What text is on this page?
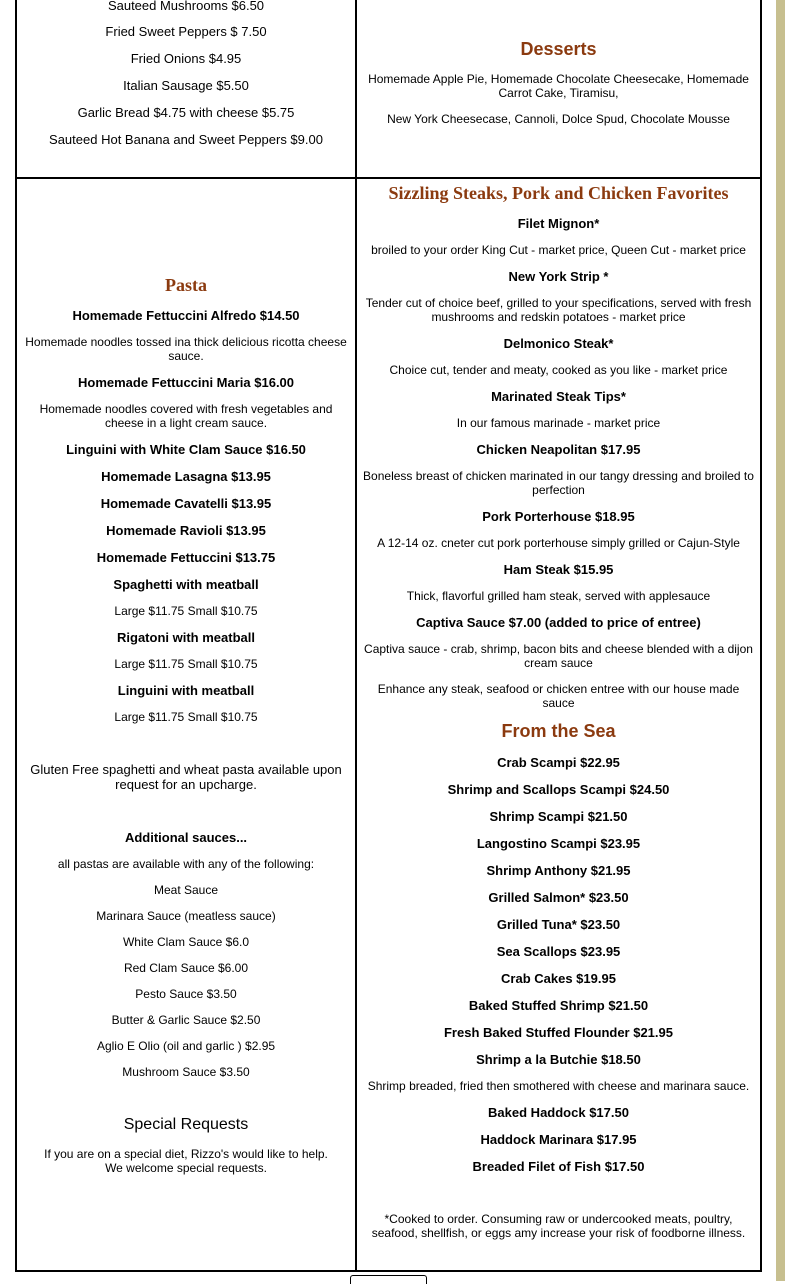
Sauteed Mushrooms $6.50
Fried Sweet Peppers $ 7.50
Fried Onions $4.95
Italian Sausage $5.50
Garlic Bread $4.75 with cheese $5.75
Sauteed Hot Banana and Sweet Peppers $9.00
Desserts
Homemade Apple Pie, Homemade Chocolate Cheesecake, Homemade Carrot Cake, Tiramisu,
New York Cheesecase, Cannoli, Dolce Spud, Chocolate Mousse
Pasta
Homemade Fettuccini Alfredo $14.50
Homemade noodles tossed ina thick delicious ricotta cheese sauce.
Homemade Fettuccini Maria $16.00
Homemade noodles covered with fresh vegetables and cheese in a light cream sauce.
Linguini with White Clam Sauce $16.50
Homemade Lasagna $13.95
Homemade Cavatelli $13.95
Homemade Ravioli $13.95
Homemade Fettuccini $13.75
Spaghetti with meatball
Large $11.75 Small $10.75
Rigatoni with meatball
Large $11.75 Small $10.75
Linguini with meatball
Large $11.75 Small $10.75
Gluten Free spaghetti and wheat pasta available upon request for an upcharge.
Additional sauces...
all pastas are available with any of the following:
Meat Sauce
Marinara Sauce (meatless sauce)
White Clam Sauce $6.0
Red Clam Sauce $6.00
Pesto Sauce $3.50
Butter & Garlic Sauce $2.50
Aglio E Olio (oil and garlic ) $2.95
Mushroom Sauce $3.50
Special Requests
If you are on a special diet, Rizzo's would like to help.
We welcome special requests.
Sizzling Steaks, Pork and Chicken Favorites
Filet Mignon*
broiled to your order King Cut - market price, Queen Cut - market price
New York Strip *
Tender cut of choice beef, grilled to your specifications, served with fresh mushrooms and redskin potatoes - market price
Delmonico Steak*
Choice cut, tender and meaty, cooked as you like - market price
Marinated Steak Tips*
In our famous marinade - market price
Chicken Neapolitan $17.95
Boneless breast of chicken marinated in our tangy dressing and broiled to perfection
Pork Porterhouse $18.95
A 12-14 oz. cneter cut pork porterhouse simply grilled or Cajun-Style
Ham Steak $15.95
Thick, flavorful grilled ham steak, served with applesauce
Captiva Sauce $7.00 (added to price of entree)
Captiva sauce - crab, shrimp, bacon bits and cheese blended with a dijon cream sauce
Enhance any steak, seafood or chicken entree with our house made sauce
From the Sea
Crab Scampi $22.95
Shrimp and Scallops Scampi $24.50
Shrimp Scampi $21.50
Langostino Scampi $23.95
Shrimp Anthony $21.95
Grilled Salmon* $23.50
Grilled Tuna* $23.50
Sea Scallops $23.95
Crab Cakes $19.95
Baked Stuffed Shrimp $21.50
Fresh Baked Stuffed Flounder $21.95
Shrimp a la Butchie $18.50
Shrimp breaded, fried then smothered with cheese and marinara sauce.
Baked Haddock $17.50
Haddock Marinara $17.95
Breaded Filet of Fish $17.50
*Cooked to order. Consuming raw or undercooked meats, poultry, seafood, shellfish, or eggs amy increase your risk of foodborne illness.
